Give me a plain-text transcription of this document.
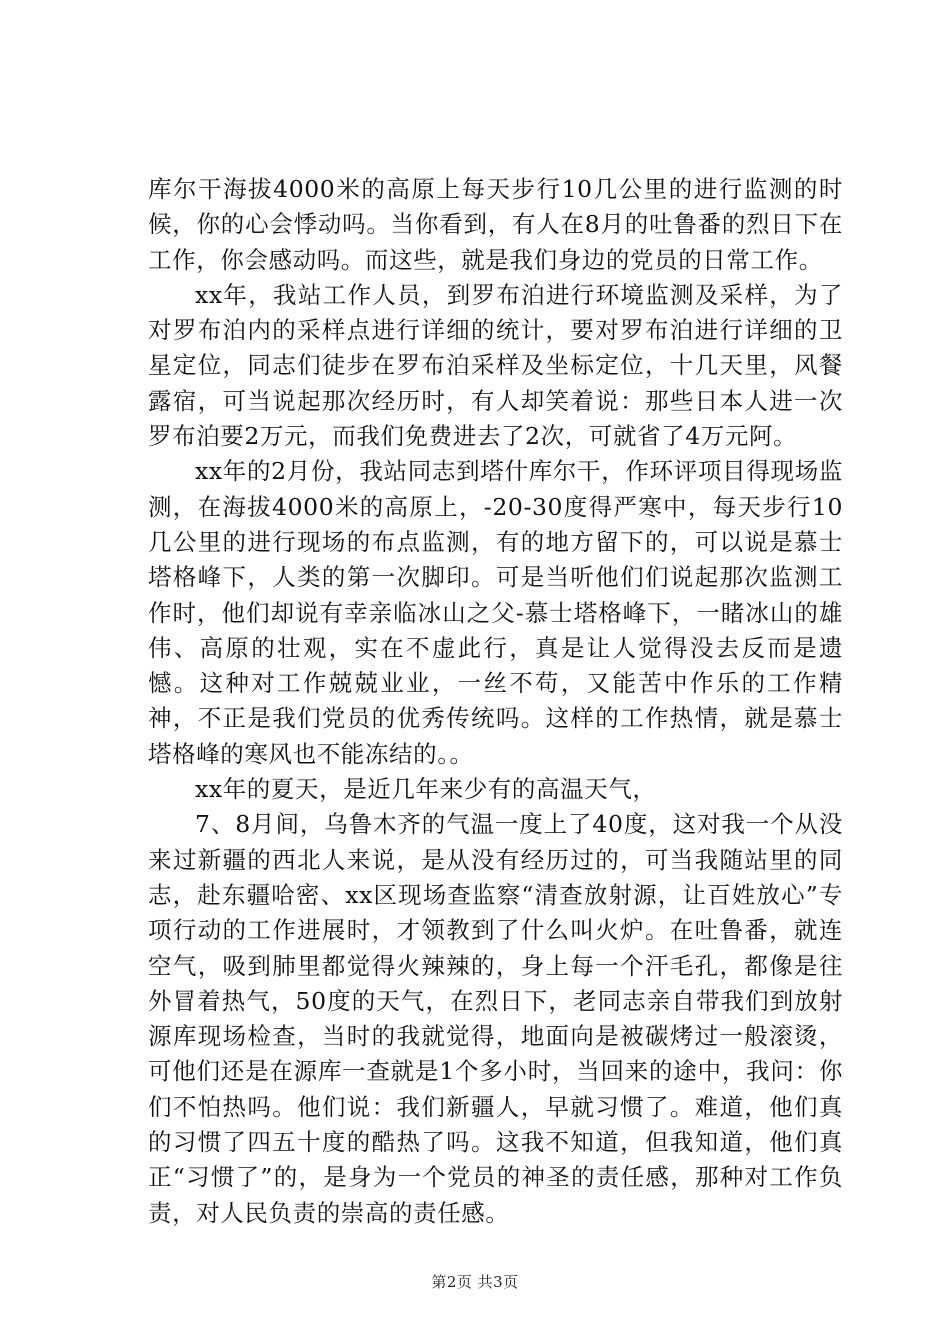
库尔干海拔4000米的高原上每天步行10几公里的进行监测的时候，你的心会悸动吗。当你看到，有人在8月的吐鲁番的烈日下在工作，你会感动吗。而这些，就是我们身边的党员的日常工作。

xx年，我站工作人员，到罗布泊进行环境监测及采样，为了对罗布泊内的采样点进行详细的统计，要对罗布泊进行详细的卫星定位，同志们徒步在罗布泊采样及坐标定位，十几天里，风餐露宿，可当说起那次经历时，有人却笑着说：那些日本人进一次罗布泊要2万元，而我们免费进去了2次，可就省了4万元阿。

xx年的2月份，我站同志到塔什库尔干，作环评项目得现场监测，在海拔4000米的高原上，-20-30度得严寒中，每天步行10几公里的进行现场的布点监测，有的地方留下的，可以说是慕士塔格峰下，人类的第一次脚印。可是当听他们们说起那次监测工作时，他们却说有幸亲临冰山之父-慕士塔格峰下，一睹冰山的雄伟、高原的壮观，实在不虚此行，真是让人觉得没去反而是遗憾。这种对工作兢兢业业，一丝不苟，又能苦中作乐的工作精神，不正是我们党员的优秀传统吗。这样的工作热情，就是慕士塔格峰的寒风也不能冻结的。。

xx年的夏天，是近几年来少有的高温天气，

7、8月间，乌鲁木齐的气温一度上了40度，这对我一个从没来过新疆的西北人来说，是从没有经历过的，可当我随站里的同志，赴东疆哈密、xx区现场查监察“清查放射源，让百姓放心”专项行动的工作进展时，才领教到了什么叫火炉。在吐鲁番，就连空气，吸到肺里都觉得火辣辣的，身上每一个汗毛孔，都像是往外冒着热气，50度的天气，在烈日下，老同志亲自带我们到放射源库现场检查，当时的我就觉得，地面向是被碳烤过一般滚烫，可他们还是在源库一查就是1个多小时，当回来的途中，我问：你们不怕热吗。他们说：我们新疆人，早就习惯了。难道，他们真的习惯了四五十度的酷热了吗。这我不知道，但我知道，他们真正“习惯了”的，是身为一个党员的神圣的责任感，那种对工作负责，对人民负责的崇高的责任感。

第2页 共3页
